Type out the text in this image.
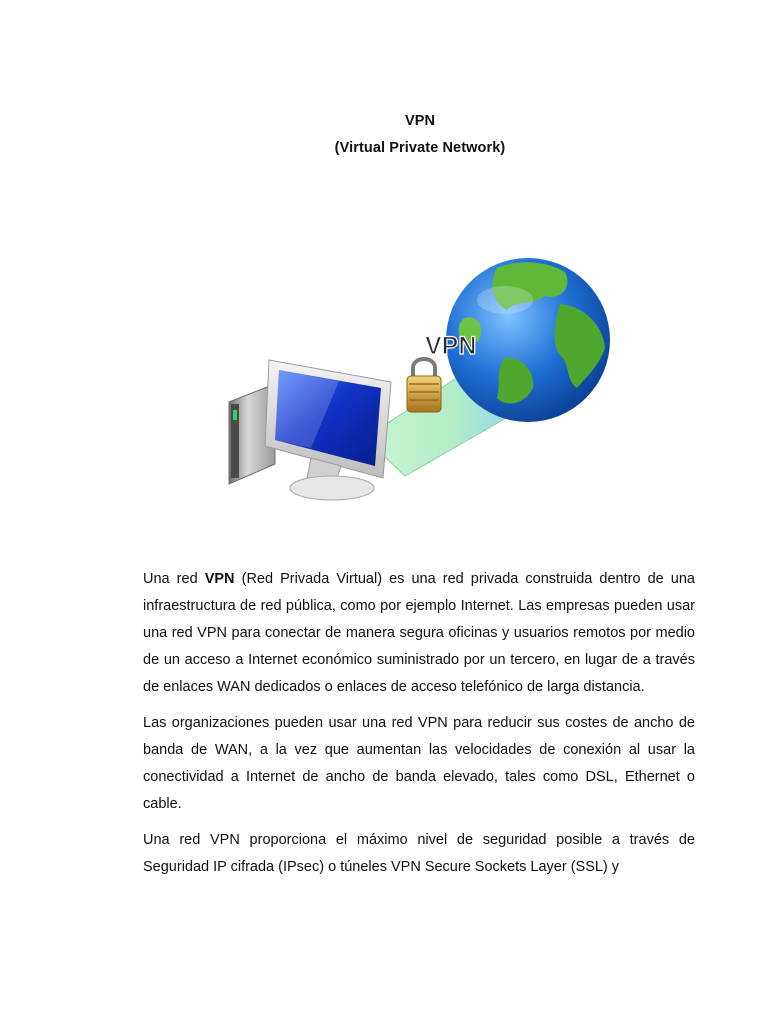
VPN
(Virtual Private Network)
VPN

Una red VPN (Red Privada Virtual) es una red privada construida dentro de una infraestructura de red pública, como por ejemplo Internet. Las empresas pueden usar una red VPN para conectar de manera segura oficinas y usuarios remotos por medio de un acceso a Internet económico suministrado por un tercero, en lugar de a través de enlaces WAN dedicados o enlaces de acceso telefónico de larga distancia.

Las organizaciones pueden usar una red VPN para reducir sus costes de ancho de banda de WAN, a la vez que aumentan las velocidades de conexión al usar la conectividad a Internet de ancho de banda elevado, tales como DSL, Ethernet o cable.

Una red VPN proporciona el máximo nivel de seguridad posible a través de Seguridad IP cifrada (IPsec) o túneles VPN Secure Sockets Layer (SSL) y
